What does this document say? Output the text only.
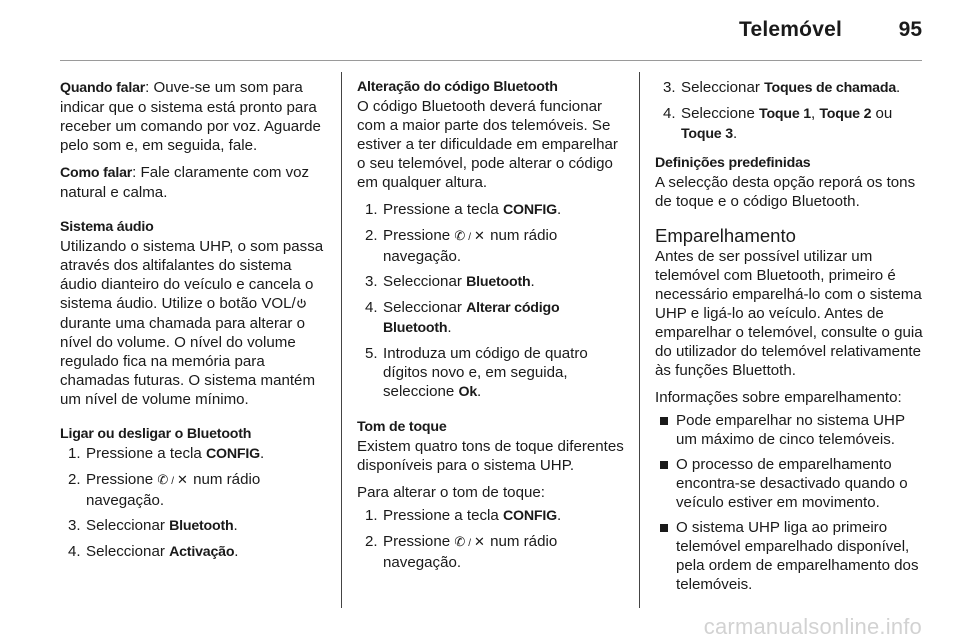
Telemóvel	95

Quando falar: Ouve-se um som para indicar que o sistema está pronto para receber um comando por voz. Aguarde pelo som e, em seguida, fale.

Como falar: Fale claramente com voz natural e calma.

Sistema áudio

Utilizando o sistema UHP, o som passa através dos altifalantes do sistema áudio dianteiro do veículo e cancela o sistema áudio. Utilize o botão VOL/ durante uma chamada para alterar o nível do volume. O nível do volume regulado fica na memória para chamadas futuras. O sistema mantém um nível de volume mínimo.

Ligar ou desligar o Bluetooth
1. Pressione a tecla CONFIG.
2. Pressione ✆ / ✕ num rádio navegação.
3. Seleccionar Bluetooth.
4. Seleccionar Activação.
Alteração do código Bluetooth

O código Bluetooth deverá funcionar com a maior parte dos telemóveis. Se estiver a ter dificuldade em emparelhar o seu telemóvel, pode alterar o código em qualquer altura.

1. Pressione a tecla CONFIG.
2. Pressione ✆ / ✕ num rádio navegação.
3. Seleccionar Bluetooth.
4. Seleccionar Alterar código Bluetooth.
5. Introduza um código de quatro dígitos novo e, em seguida, seleccione Ok.
Tom de toque

Existem quatro tons de toque diferentes disponíveis para o sistema UHP.

Para alterar o tom de toque:

1. Pressione a tecla CONFIG.
2. Pressione ✆ / ✕ num rádio navegação.
3. Seleccionar Toques de chamada.
4. Seleccione Toque 1, Toque 2 ou Toque 3.
Definições predefinidas

A selecção desta opção reporá os tons de toque e o código Bluetooth.

Emparelhamento

Antes de ser possível utilizar um telemóvel com Bluetooth, primeiro é necessário emparelhá-lo com o sistema UHP e ligá-lo ao veículo. Antes de emparelhar o telemóvel, consulte o guia do utilizador do telemóvel relativamente às funções Bluettoth.

Informações sobre emparelhamento:

Pode emparelhar no sistema UHP um máximo de cinco telemóveis.
O processo de emparelhamento encontra-se desactivado quando o veículo estiver em movimento.
O sistema UHP liga ao primeiro telemóvel emparelhado disponível, pela ordem de emparelhamento dos telemóveis.
carmanualsonline.info
